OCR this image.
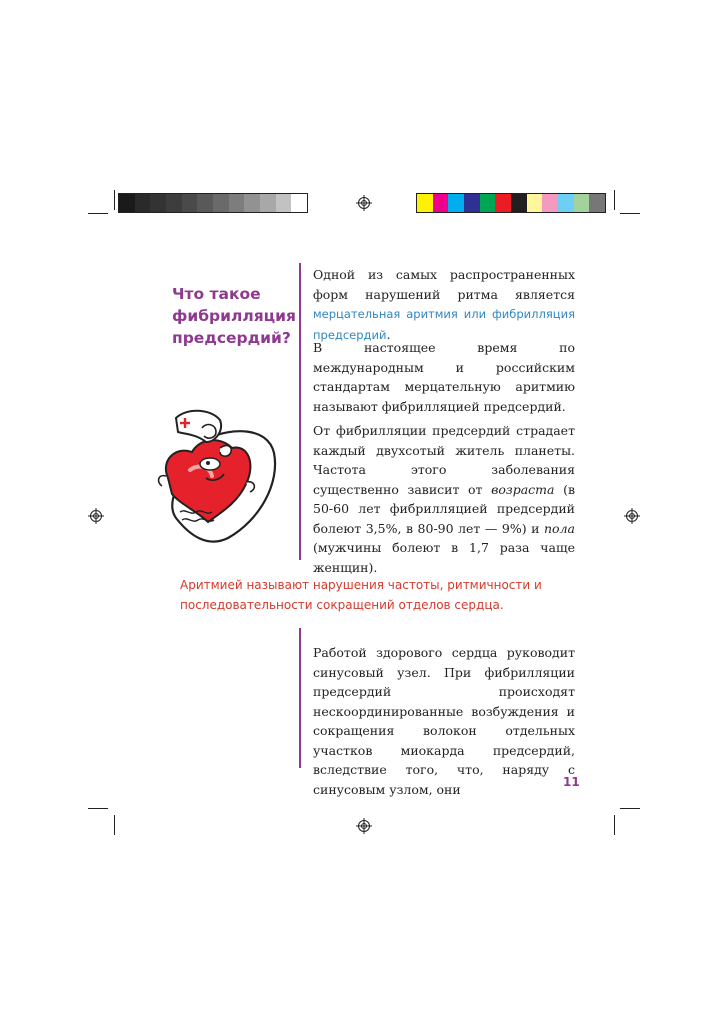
Что такое
фибрилляция
предсердий?
Одной из самых распространенных форм нарушений ритма является мерцательная аритмия или фибрилляция предсердий.
В настоящее время по международным и российским стандартам мерцательную аритмию называют фибрилляцией предсердий.
От фибрилляции предсердий страдает каждый двухсотый житель планеты. Частота этого заболевания существенно зависит от возраста (в 50-60 лет фибрилляцией предсердий болеют 3,5%, в 80-90 лет — 9%) и пола (мужчины болеют в 1,7 раза чаще женщин).
Аритмией называют нарушения частоты, ритмичности и последовательности сокращений отделов сердца.
Работой здорового сердца руководит синусовый узел. При фибрилляции предсердий происходят нескоординированные возбуждения и сокращения волокон отдельных участков миокарда предсердий, вследствие того, что, наряду с синусовым узлом, они	11
